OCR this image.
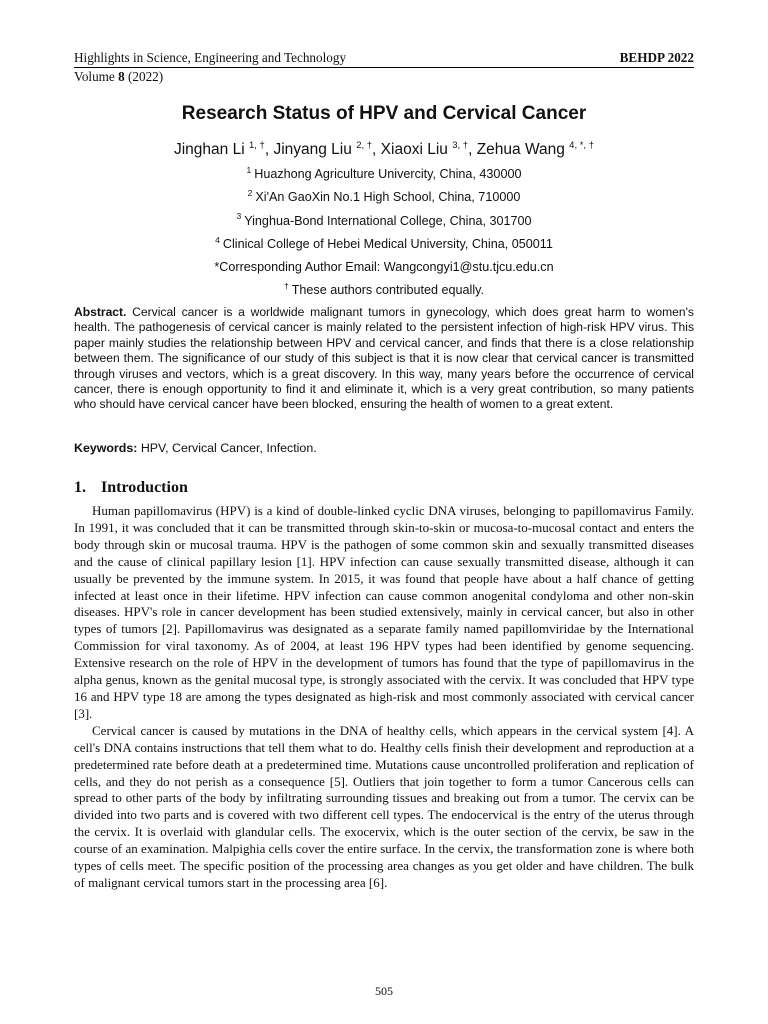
Highlights in Science, Engineering and Technology	BEHDP 2022
Volume 8 (2022)
Research Status of HPV and Cervical Cancer
Jinghan Li $^{1, \dagger}$, Jinyang Liu $^{2, \dagger}$, Xiaoxi Liu $^{3, \dagger}$, Zehua Wang $^{4, *, \dagger}$
$^1$ Huazhong Agriculture Univercity, China, 430000
$^2$ Xi'An GaoXin No.1 High School, China, 710000
$^3$ Yinghua-Bond International College, China, 301700
$^4$ Clinical College of Hebei Medical University, China, 050011
*Corresponding Author Email: Wangcongyi1@stu.tjcu.edu.cn
† These authors contributed equally.
Abstract. Cervical cancer is a worldwide malignant tumors in gynecology, which does great harm to women's health. The pathogenesis of cervical cancer is mainly related to the persistent infection of high-risk HPV virus. This paper mainly studies the relationship between HPV and cervical cancer, and finds that there is a close relationship between them. The significance of our study of this subject is that it is now clear that cervical cancer is transmitted through viruses and vectors, which is a great discovery. In this way, many years before the occurrence of cervical cancer, there is enough opportunity to find it and eliminate it, which is a very great contribution, so many patients who should have cervical cancer have been blocked, ensuring the health of women to a great extent.
Keywords: HPV, Cervical Cancer, Infection.
1. Introduction

Human papillomavirus (HPV) is a kind of double-linked cyclic DNA viruses, belonging to papillomavirus Family. In 1991, it was concluded that it can be transmitted through skin-to-skin or mucosa-to-mucosal contact and enters the body through skin or mucosal trauma. HPV is the pathogen of some common skin and sexually transmitted diseases and the cause of clinical papillary lesion [1]. HPV infection can cause sexually transmitted disease, although it can usually be prevented by the immune system. In 2015, it was found that people have about a half chance of getting infected at least once in their lifetime. HPV infection can cause common anogenital condyloma and other non-skin diseases. HPV's role in cancer development has been studied extensively, mainly in cervical cancer, but also in other types of tumors [2]. Papillomavirus was designated as a separate family named papillomviridae by the International Commission for viral taxonomy. As of 2004, at least 196 HPV types had been identified by genome sequencing. Extensive research on the role of HPV in the development of tumors has found that the type of papillomavirus in the alpha genus, known as the genital mucosal type, is strongly associated with the cervix. It was concluded that HPV type 16 and HPV type 18 are among the types designated as high-risk and most commonly associated with cervical cancer [3].

Cervical cancer is caused by mutations in the DNA of healthy cells, which appears in the cervical system [4]. A cell's DNA contains instructions that tell them what to do. Healthy cells finish their development and reproduction at a predetermined rate before death at a predetermined time. Mutations cause uncontrolled proliferation and replication of cells, and they do not perish as a consequence [5]. Outliers that join together to form a tumor Cancerous cells can spread to other parts of the body by infiltrating surrounding tissues and breaking out from a tumor. The cervix can be divided into two parts and is covered with two different cell types. The endocervical is the entry of the uterus through the cervix. It is overlaid with glandular cells. The exocervix, which is the outer section of the cervix, be saw in the course of an examination. Malpighia cells cover the entire surface. In the cervix, the transformation zone is where both types of cells meet. The specific position of the processing area changes as you get older and have children. The bulk of malignant cervical tumors start in the processing area [6].

505
